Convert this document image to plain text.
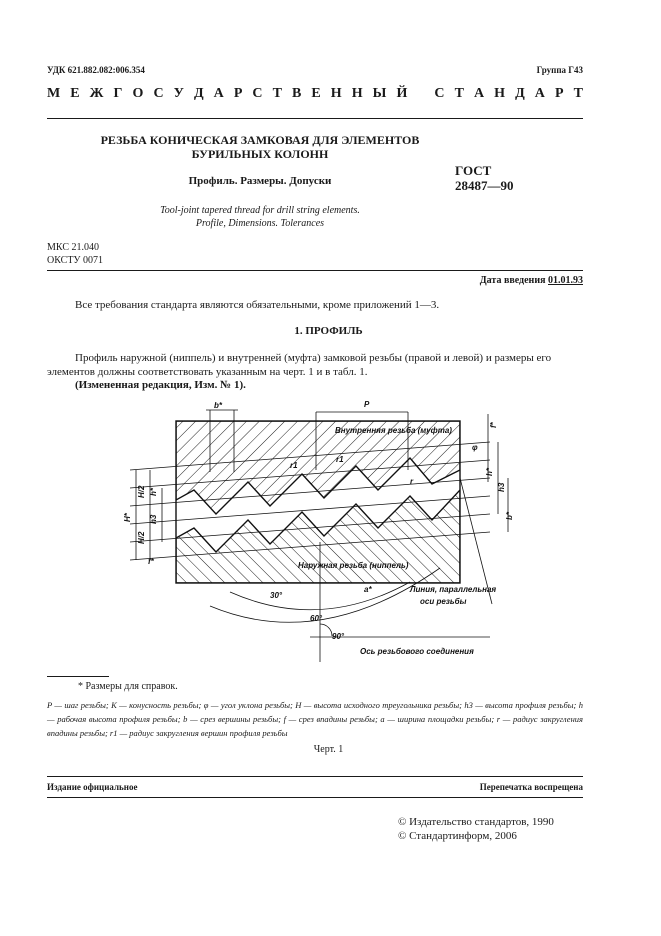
УДК 621.882.082:006.354	Группа Г43
М Е Ж Г О С У Д А Р С Т В Е Н Н Ы Й
С Т А Н Д А Р Т
РЕЗЬБА КОНИЧЕСКАЯ ЗАМКОВАЯ ДЛЯ ЭЛЕМЕНТОВ
БУРИЛЬНЫХ КОЛОНН
Профиль. Размеры. Допуски
Tool-joint tapered thread for drill string elements.
Profile, Dimensions. Tolerances
ГОСТ
28487—90
МКС 21.040
ОКСТУ 0071
Дата введения 01.01.93
Все требования стандарта являются обязательными, кроме приложений 1—3.
1. ПРОФИЛЬ
Профиль наружной (ниппель) и внутренней (муфта) замковой резьбы (правой и левой) и размеры его элементов должны соответствовать указанным на черт. 1 и в табл. 1.
(Измененная редакция, Изм. № 1).
Внутренняя резьба (муфта)
Наружная резьба (ниппель)
P
b*
a*
f*
30°
60°
90°
r1
r1
r
H*
H/2
H/2
h*
h3
f*
h*
h3
b*
φ
Линия, параллельная
оси резьбы
Ось резьбового соединения
* Размеры для справок.
P — шаг резьбы; K — конусность резьбы; φ — угол уклона резьбы; H — высота исходного треугольника резьбы; h3 — высота профиля резьбы; h — рабочая высота профиля резьбы; b — срез вершины резьбы; f — срез впадины резьбы; a — ширина площадки резьбы; r — радиус закругления впадины резьбы; r1 — радиус закругления вершин профиля резьбы
Черт. 1
Издание официальное	Перепечатка воспрещена
© Издательство стандартов, 1990
© Стандартинформ, 2006
